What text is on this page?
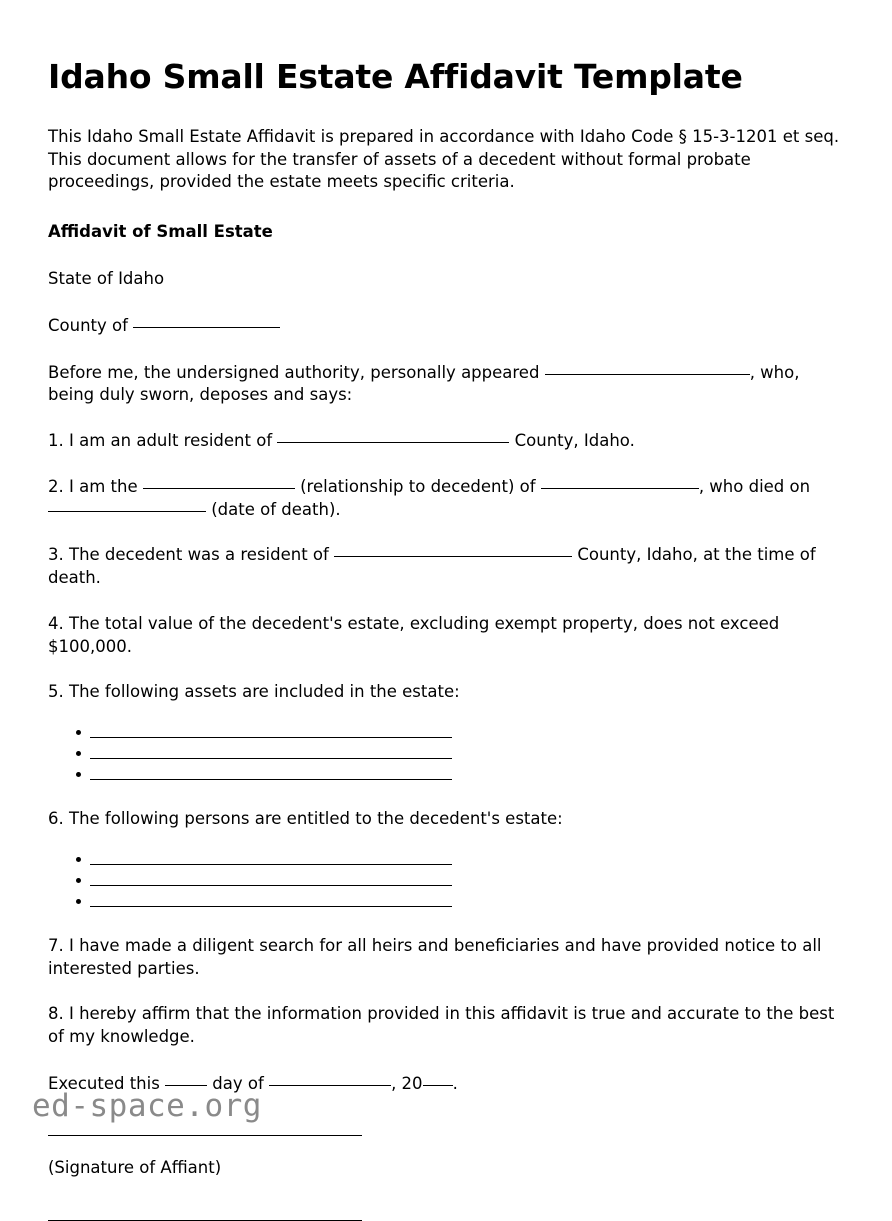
Idaho Small Estate Affidavit Template

This Idaho Small Estate Affidavit is prepared in accordance with Idaho Code § 15-3-1201 et seq. This document allows for the transfer of assets of a decedent without formal probate proceedings, provided the estate meets specific criteria.

Affidavit of Small Estate

State of Idaho

County of

Before me, the undersigned authority, personally appeared	, who, being duly sworn, deposes and says:

1. I am an adult resident of	County, Idaho.

2. I am the	(relationship to decedent) of	, who died on  (date of death).

3. The decedent was a resident of	County, Idaho, at the time of death.

4. The total value of the decedent's estate, excluding exempt property, does not exceed $100,000.

5. The following assets are included in the estate:

6. The following persons are entitled to the decedent's estate:

7. I have made a diligent search for all heirs and beneficiaries and have provided notice to all interested parties.

8. I hereby affirm that the information provided in this affidavit is true and accurate to the best of my knowledge.

Executed this	day of	, 20 .

(Signature of Affiant)

ed-space.org
